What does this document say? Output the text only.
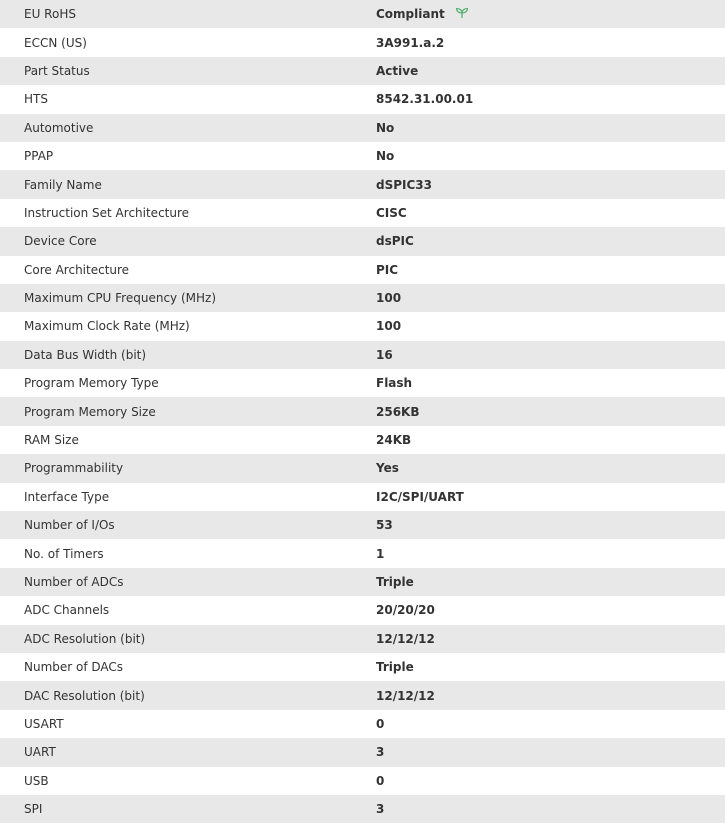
EU RoHS	Compliant
ECCN (US)	3A991.a.2
Part Status	Active
HTS	8542.31.00.01
Automotive	No
PPAP	No
Family Name	dSPIC33
Instruction Set Architecture	CISC
Device Core	dsPIC
Core Architecture	PIC
Maximum CPU Frequency (MHz)	100
Maximum Clock Rate (MHz)	100
Data Bus Width (bit)	16
Program Memory Type	Flash
Program Memory Size	256KB
RAM Size	24KB
Programmability	Yes
Interface Type	I2C/SPI/UART
Number of I/Os	53
No. of Timers	1
Number of ADCs	Triple
ADC Channels	20/20/20
ADC Resolution (bit)	12/12/12
Number of DACs	Triple
DAC Resolution (bit)	12/12/12
USART	0
UART	3
USB	0
SPI	3
